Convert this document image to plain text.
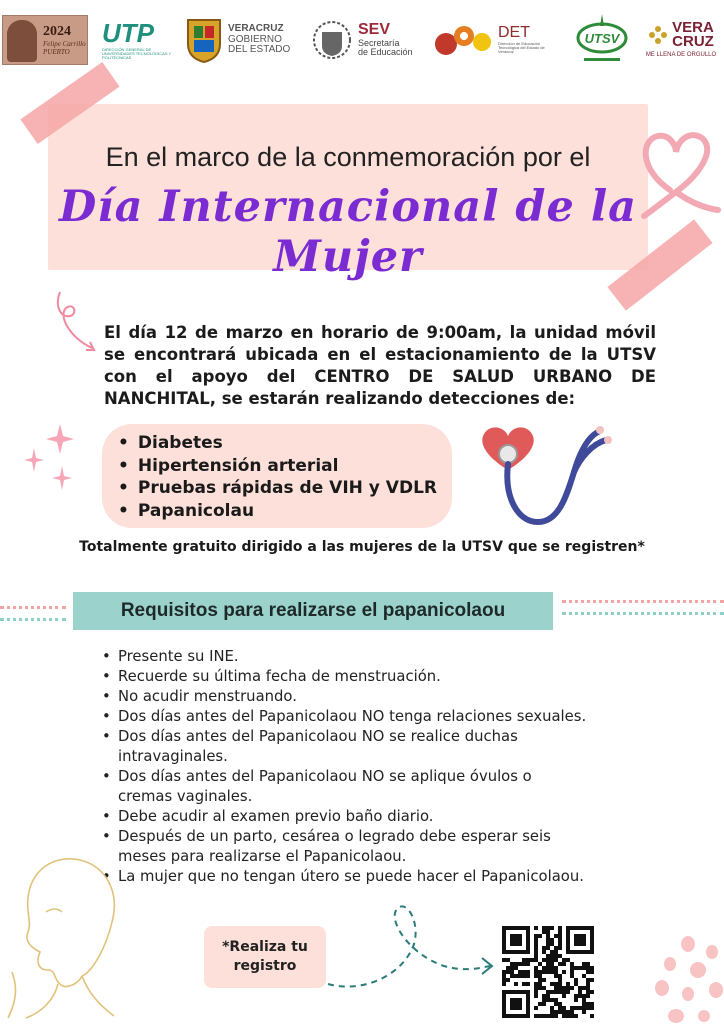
2024
Felipe Carrillo PUERTO
UTP
DIRECCIÓN GENERAL DE UNIVERSIDADES TECNOLÓGICAS Y POLITÉCNICAS
VERACRUZ
GOBIERNO
DEL ESTADO
SEV
Secretaría
de Educación
DET
Dirección de Educación Tecnológica del Estado de Veracruz
UTSV
VERA
CRUZ
ME LLENA DE ORGULLO
En el marco de la conmemoración por el
Día Internacional de la Mujer
El día 12 de marzo en horario de 9:00am, la unidad móvil se encontrará ubicada en el estacionamiento de la UTSV con el apoyo del CENTRO DE SALUD URBANO DE NANCHITAL, se estarán realizando detecciones de:
• Diabetes
• Hipertensión arterial
• Pruebas rápidas de VIH y VDLR
• Papanicolau
Totalmente gratuito dirigido a las mujeres de la UTSV que se registren*
Requisitos para realizarse el papanicolaou
• Presente su INE.
• Recuerde su última fecha de menstruación.
• No acudir menstruando.
• Dos días antes del Papanicolaou NO tenga relaciones sexuales.
• Dos días antes del Papanicolaou NO se realice duchas intravaginales.
• Dos días antes del Papanicolaou NO se aplique óvulos o cremas vaginales.
• Debe acudir al examen previo baño diario.
• Después de un parto, cesárea o legrado debe esperar seis meses para realizarse el Papanicolaou.
• La mujer que no tengan útero se puede hacer el Papanicolaou.
*Realiza tu
registro
